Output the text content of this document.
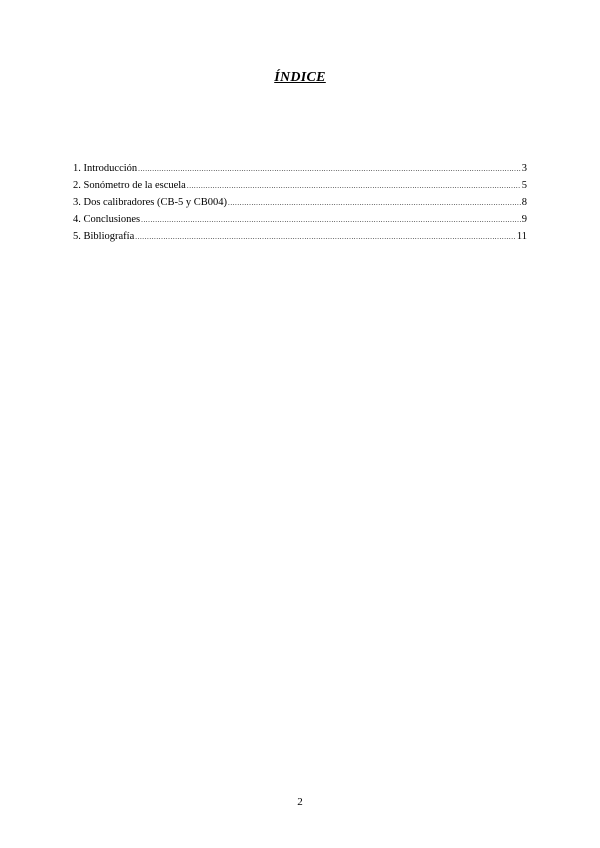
ÍNDICE
1. Introducción .....	3
2. Sonómetro de la escuela .....	5
3. Dos calibradores (CB-5 y CB004) .....	8
4. Conclusiones .....	9
5. Bibliografía .....	11
2
